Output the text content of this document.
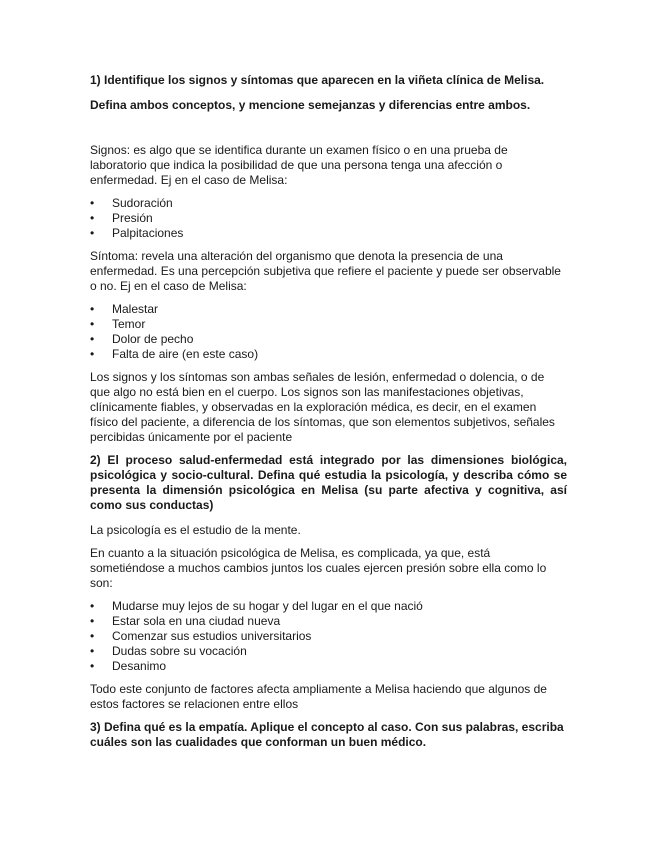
1) Identifique los signos y síntomas que aparecen en la viñeta clínica de Melisa.

Defina ambos conceptos, y mencione semejanzas y diferencias entre ambos.

Signos: es algo que se identifica durante un examen físico o en una prueba de laboratorio que indica la posibilidad de que una persona tenga una afección o enfermedad. Ej en el caso de Melisa:

• Sudoración
• Presión
• Palpitaciones

Síntoma: revela una alteración del organismo que denota la presencia de una enfermedad. Es una percepción subjetiva que refiere el paciente y puede ser observable o no. Ej en el caso de Melisa:

• Malestar
• Temor
• Dolor de pecho
• Falta de aire (en este caso)

Los signos y los síntomas son ambas señales de lesión, enfermedad o dolencia, o de que algo no está bien en el cuerpo. Los signos son las manifestaciones objetivas, clínicamente fiables, y observadas en la exploración médica, es decir, en el examen físico del paciente, a diferencia de los síntomas, que son elementos subjetivos, señales percibidas únicamente por el paciente

2) El proceso salud-enfermedad está integrado por las dimensiones biológica, psicológica y socio-cultural. Defina qué estudia la psicología, y describa cómo se presenta la dimensión psicológica en Melisa (su parte afectiva y cognitiva, así como sus conductas)

La psicología es el estudio de la mente.

En cuanto a la situación psicológica de Melisa, es complicada, ya que, está sometiéndose a muchos cambios juntos los cuales ejercen presión sobre ella como lo son:

• Mudarse muy lejos de su hogar y del lugar en el que nació
• Estar sola en una ciudad nueva
• Comenzar sus estudios universitarios
• Dudas sobre su vocación
• Desanimo

Todo este conjunto de factores afecta ampliamente a Melisa haciendo que algunos de estos factores se relacionen entre ellos

3) Defina qué es la empatía. Aplique el concepto al caso. Con sus palabras, escriba cuáles son las cualidades que conforman un buen médico.
